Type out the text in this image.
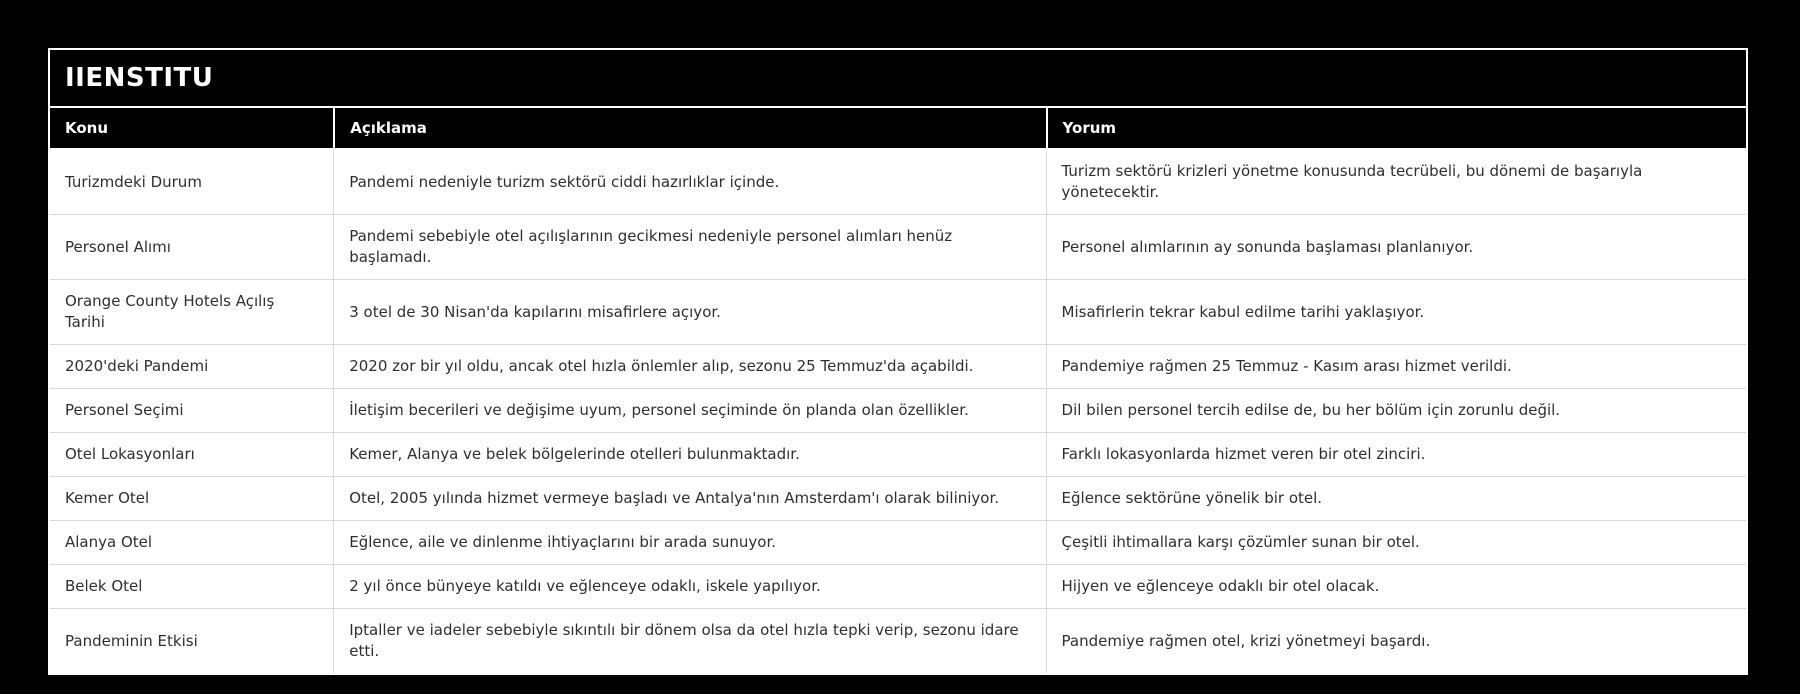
IIENSTITU
Konu	Açıklama	Yorum
Turizmdeki Durum	Pandemi nedeniyle turizm sektörü ciddi hazırlıklar içinde.	Turizm sektörü krizleri yönetme konusunda tecrübeli, bu dönemi de başarıyla yönetecektir.
Personel Alımı	Pandemi sebebiyle otel açılışlarının gecikmesi nedeniyle personel alımları henüz başlamadı.	Personel alımlarının ay sonunda başlaması planlanıyor.
Orange County Hotels Açılış Tarihi	3 otel de 30 Nisan'da kapılarını misafirlere açıyor.	Misafirlerin tekrar kabul edilme tarihi yaklaşıyor.
2020'deki Pandemi	2020 zor bir yıl oldu, ancak otel hızla önlemler alıp, sezonu 25 Temmuz'da açabildi.	Pandemiye rağmen 25 Temmuz - Kasım arası hizmet verildi.
Personel Seçimi	İletişim becerileri ve değişime uyum, personel seçiminde ön planda olan özellikler.	Dil bilen personel tercih edilse de, bu her bölüm için zorunlu değil.
Otel Lokasyonları	Kemer, Alanya ve belek bölgelerinde otelleri bulunmaktadır.	Farklı lokasyonlarda hizmet veren bir otel zinciri.
Kemer Otel	Otel, 2005 yılında hizmet vermeye başladı ve Antalya'nın Amsterdam'ı olarak biliniyor.	Eğlence sektörüne yönelik bir otel.
Alanya Otel	Eğlence, aile ve dinlenme ihtiyaçlarını bir arada sunuyor.	Çeşitli ihtimallara karşı çözümler sunan bir otel.
Belek Otel	2 yıl önce bünyeye katıldı ve eğlenceye odaklı, iskele yapılıyor.	Hijyen ve eğlenceye odaklı bir otel olacak.
Pandeminin Etkisi	Iptaller ve iadeler sebebiyle sıkıntılı bir dönem olsa da otel hızla tepki verip, sezonu idare etti.	Pandemiye rağmen otel, krizi yönetmeyi başardı.
